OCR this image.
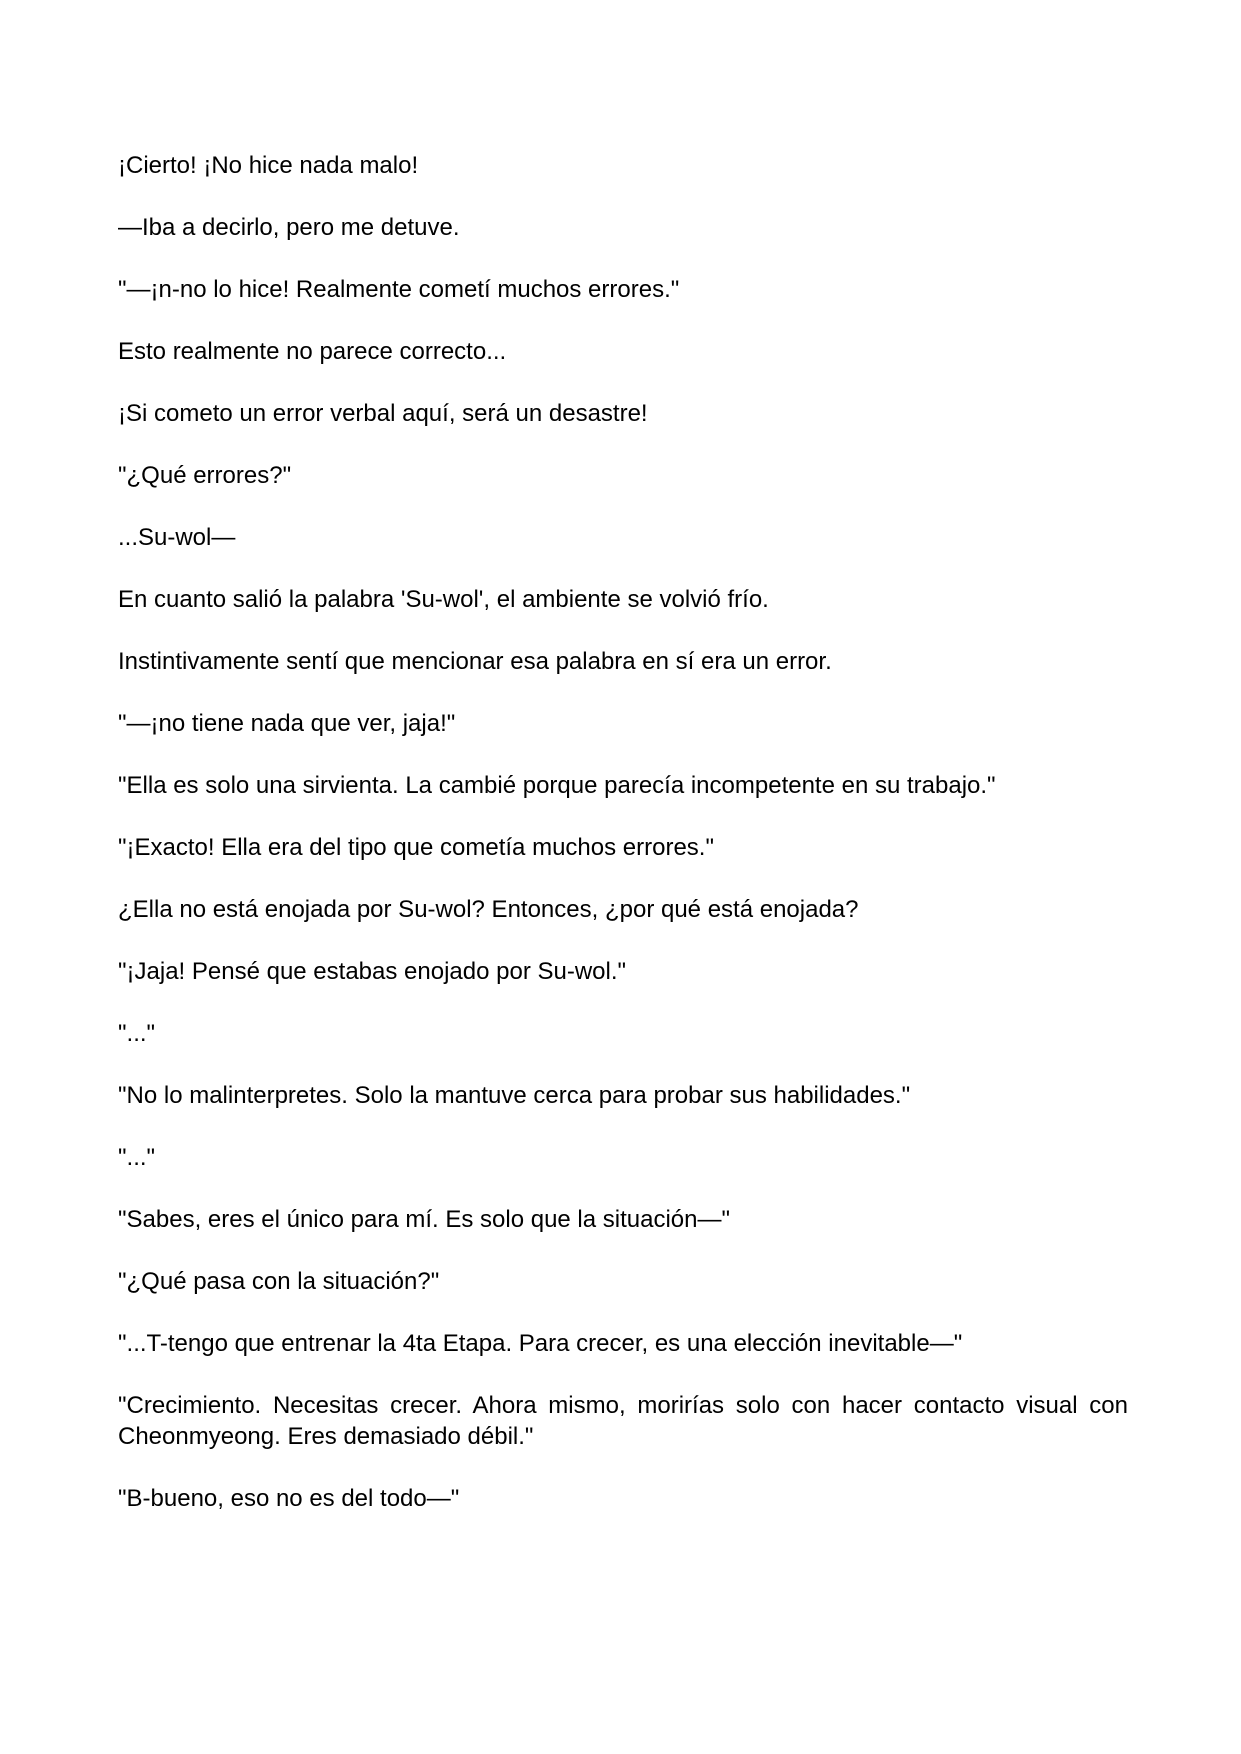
¡Cierto! ¡No hice nada malo!

—Iba a decirlo, pero me detuve.

"—¡n-no lo hice! Realmente cometí muchos errores."

Esto realmente no parece correcto...

¡Si cometo un error verbal aquí, será un desastre!

"¿Qué errores?"

...Su-wol—

En cuanto salió la palabra 'Su-wol', el ambiente se volvió frío.

Instintivamente sentí que mencionar esa palabra en sí era un error.

"—¡no tiene nada que ver, jaja!"

"Ella es solo una sirvienta. La cambié porque parecía incompetente en su trabajo."

"¡Exacto! Ella era del tipo que cometía muchos errores."

¿Ella no está enojada por Su-wol? Entonces, ¿por qué está enojada?

"¡Jaja! Pensé que estabas enojado por Su-wol."

"..."

"No lo malinterpretes. Solo la mantuve cerca para probar sus habilidades."

"..."

"Sabes, eres el único para mí. Es solo que la situación—"

"¿Qué pasa con la situación?"

"...T-tengo que entrenar la 4ta Etapa. Para crecer, es una elección inevitable—"

"Crecimiento. Necesitas crecer. Ahora mismo, morirías solo con hacer contacto visual con Cheonmyeong. Eres demasiado débil."

"B-bueno, eso no es del todo—"
